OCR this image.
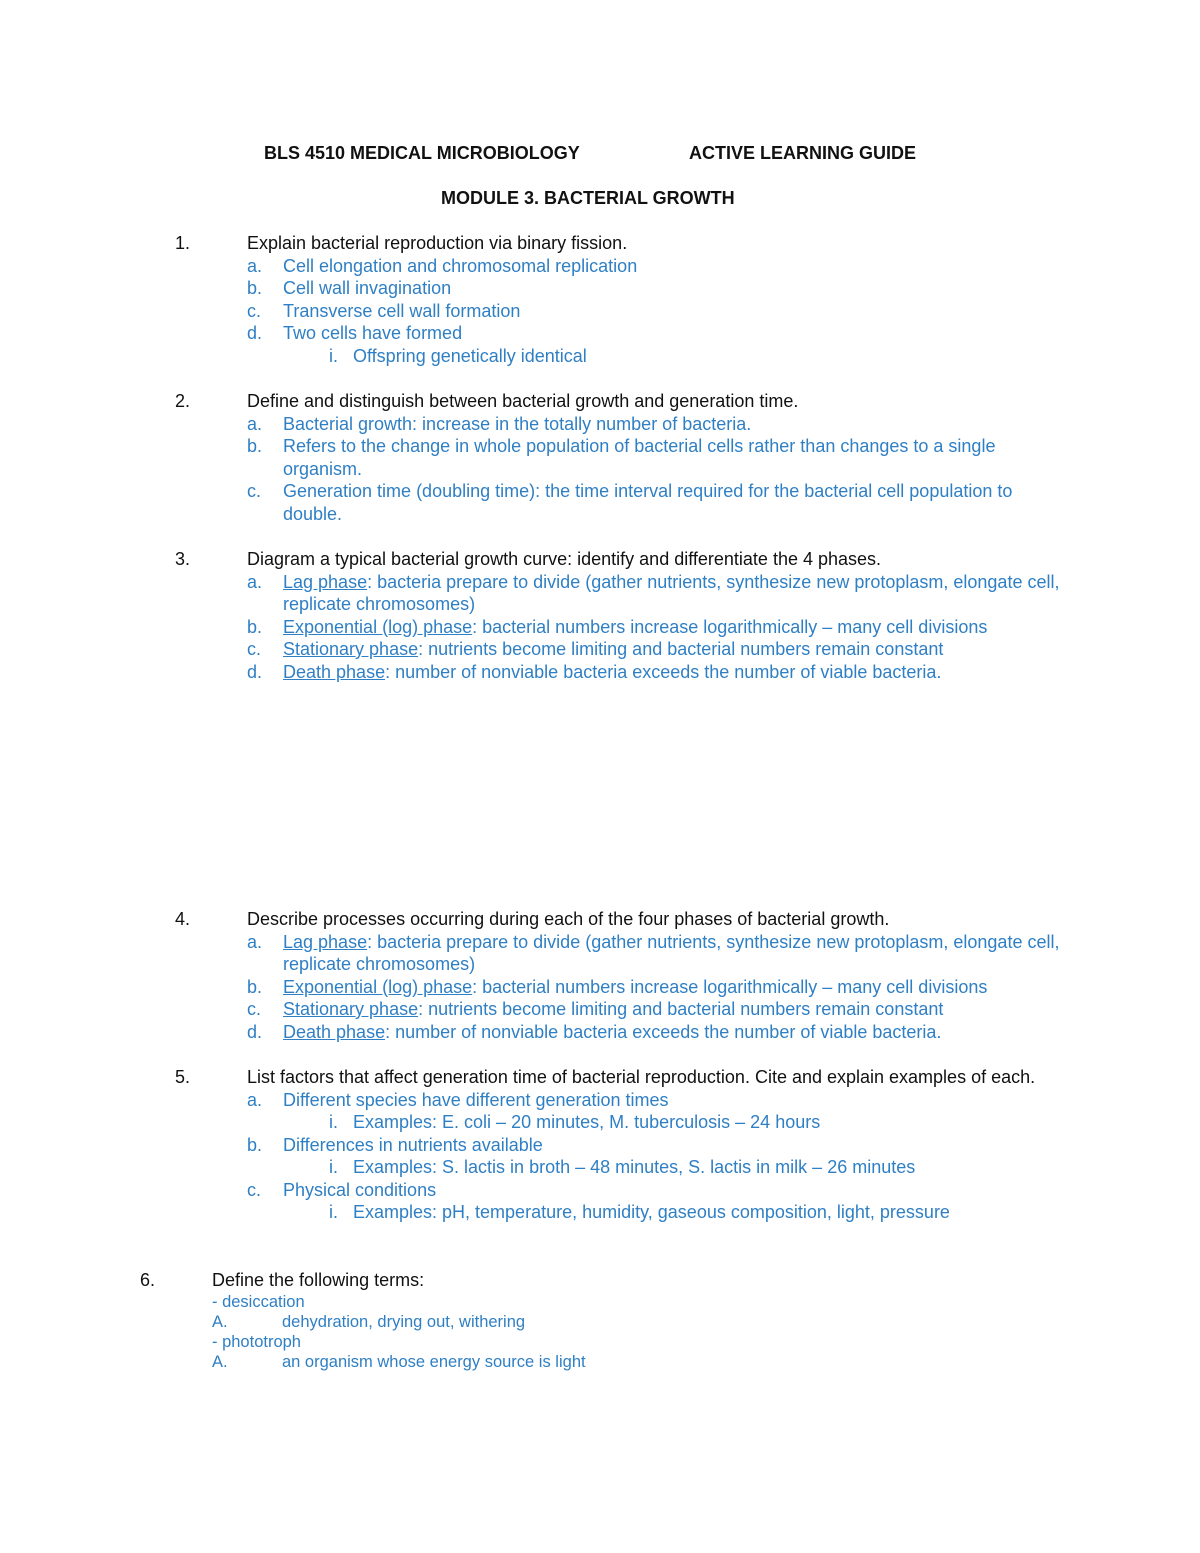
BLS 4510 MEDICAL MICROBIOLOGY	ACTIVE LEARNING GUIDE
MODULE 3. BACTERIAL GROWTH
1.	Explain bacterial reproduction via binary fission.
a. Cell elongation and chromosomal replication
b. Cell wall invagination
c. Transverse cell wall formation
d. Two cells have formed
i. Offspring genetically identical
2.	Define and distinguish between bacterial growth and generation time.
a. Bacterial growth: increase in the totally number of bacteria.
b. Refers to the change in whole population of bacterial cells rather than changes to a single organism.
c. Generation time (doubling time): the time interval required for the bacterial cell population to double.
3.	Diagram a typical bacterial growth curve: identify and differentiate the 4 phases.
a. Lag phase: bacteria prepare to divide (gather nutrients, synthesize new protoplasm, elongate cell, replicate chromosomes)
b. Exponential (log) phase: bacterial numbers increase logarithmically – many cell divisions
c. Stationary phase: nutrients become limiting and bacterial numbers remain constant
d. Death phase: number of nonviable bacteria exceeds the number of viable bacteria.
4.	Describe processes occurring during each of the four phases of bacterial growth.
a. Lag phase: bacteria prepare to divide (gather nutrients, synthesize new protoplasm, elongate cell, replicate chromosomes)
b. Exponential (log) phase: bacterial numbers increase logarithmically – many cell divisions
c. Stationary phase: nutrients become limiting and bacterial numbers remain constant
d. Death phase: number of nonviable bacteria exceeds the number of viable bacteria.
5.	List factors that affect generation time of bacterial reproduction. Cite and explain examples of each.
a. Different species have different generation times
i. Examples: E. coli – 20 minutes, M. tuberculosis – 24 hours
b. Differences in nutrients available
i. Examples: S. lactis in broth – 48 minutes, S. lactis in milk – 26 minutes
c. Physical conditions
i. Examples: pH, temperature, humidity, gaseous composition, light, pressure
6.	Define the following terms:
- desiccation
A.	dehydration, drying out, withering
- phototroph
A.	an organism whose energy source is light
